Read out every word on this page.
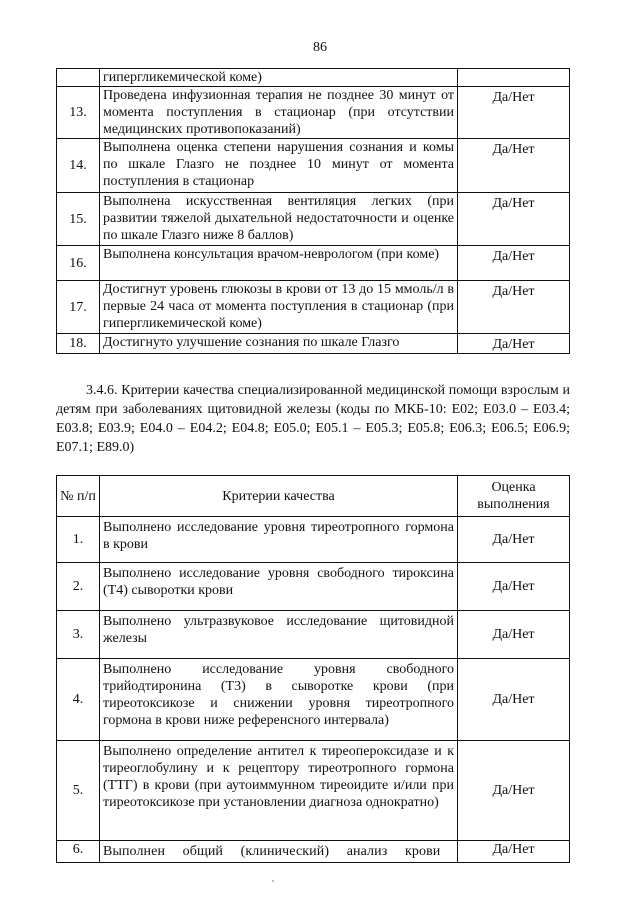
86
	гипергликемической коме)	
13.	Проведена инфузионная терапия не позднее 30 минут от момента поступления в стационар (при отсутствии медицинских противопоказаний)	Да/Нет
14.	Выполнена оценка степени нарушения сознания и комы по шкале Глазго не позднее 10 минут от момента поступления в стационар	Да/Нет
15.	Выполнена искусственная вентиляция легких (при развитии тяжелой дыхательной недостаточности и оценке по шкале Глазго ниже 8 баллов)	Да/Нет
16.	Выполнена консультация врачом-неврологом (при коме)	Да/Нет
17.	Достигнут уровень глюкозы в крови от 13 до 15 ммоль/л в первые 24 часа от момента поступления в стационар (при гипергликемической коме)	Да/Нет
18.	Достигнуто улучшение сознания по шкале Глазго	Да/Нет

3.4.6. Критерии качества специализированной медицинской помощи взрослым и детям при заболеваниях щитовидной железы (коды по МКБ-10: E02; E03.0 – E03.4; E03.8; E03.9; E04.0 – E04.2; E04.8; E05.0; E05.1 – E05.3; E05.8; E06.3; E06.5; E06.9; E07.1; E89.0)

№ п/п	Критерии качества	Оценка выполнения
1.	Выполнено исследование уровня тиреотропного гормона в крови	Да/Нет
2.	Выполнено исследование уровня свободного тироксина (Т4) сыворотки крови	Да/Нет
3.	Выполнено ультразвуковое исследование щитовидной железы	Да/Нет
4.	Выполнено исследование уровня свободного трийодтиронина (Т3) в сыворотке крови (при тиреотоксикозе и снижении уровня тиреотропного гормона в крови ниже референсного интервала)	Да/Нет
5.	Выполнено определение антител к тиреопероксидазе и к тиреоглобулину и к рецептору тиреотропного гормона (ТТГ) в крови (при аутоиммунном тиреоидите и/или при тиреотоксикозе при установлении диагноза однократно)	Да/Нет
6.	Выполнен общий (клинический) анализ крови	Да/Нет
